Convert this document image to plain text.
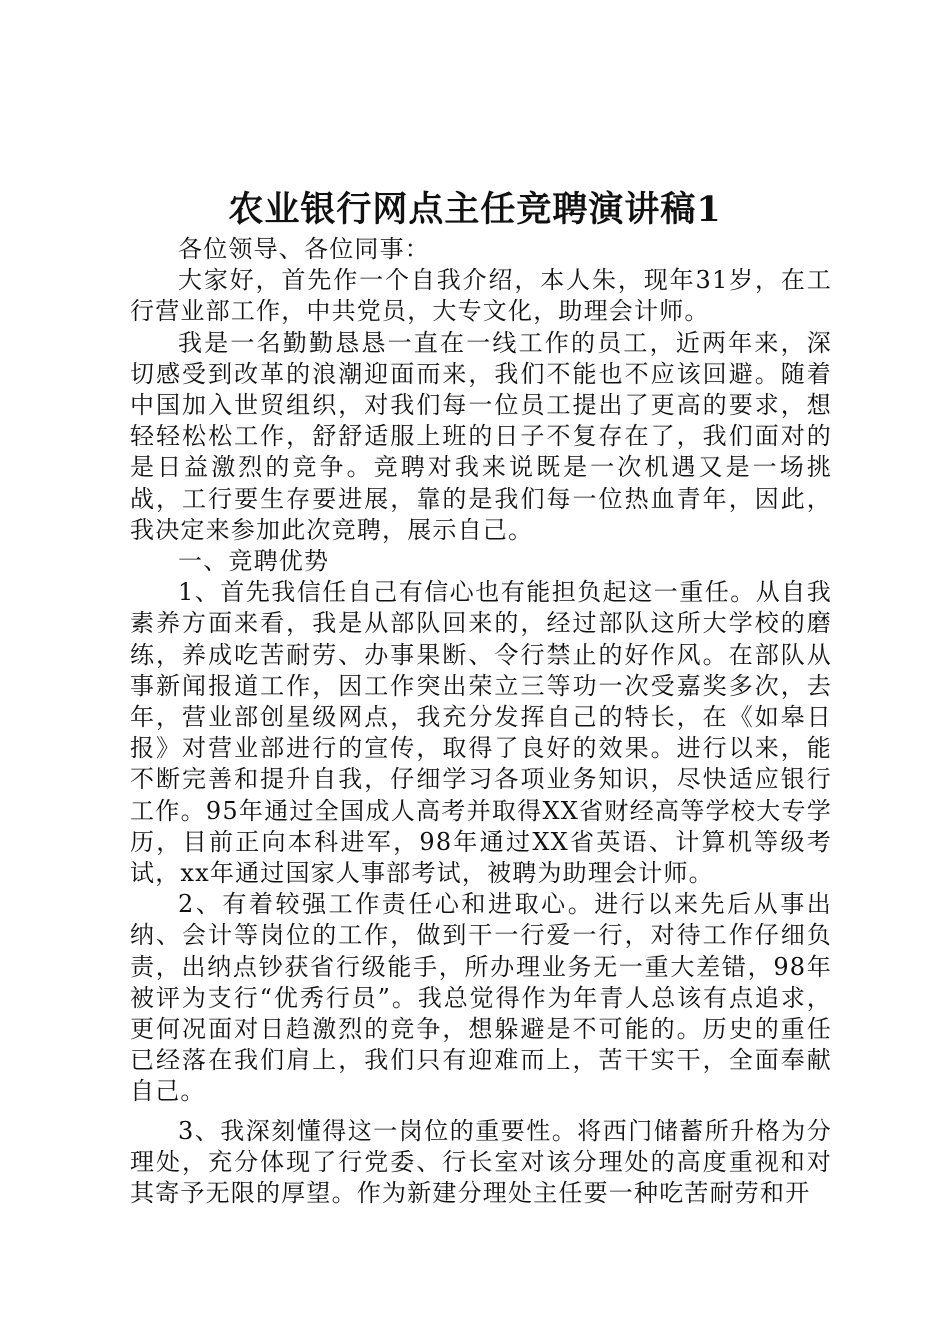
农业银行网点主任竞聘演讲稿1

各位领导、各位同事：

大家好，首先作一个自我介绍，本人朱，现年31岁，在工行营业部工作，中共党员，大专文化，助理会计师。

我是一名勤勤恳恳一直在一线工作的员工，近两年来，深切感受到改革的浪潮迎面而来，我们不能也不应该回避。随着中国加入世贸组织，对我们每一位员工提出了更高的要求，想轻轻松松工作，舒舒适服上班的日子不复存在了，我们面对的是日益激烈的竞争。竞聘对我来说既是一次机遇又是一场挑战，工行要生存要进展，靠的是我们每一位热血青年，因此，我决定来参加此次竞聘，展示自己。

一、竞聘优势

1、首先我信任自己有信心也有能担负起这一重任。从自我素养方面来看，我是从部队回来的，经过部队这所大学校的磨练，养成吃苦耐劳、办事果断、令行禁止的好作风。在部队从事新闻报道工作，因工作突出荣立三等功一次受嘉奖多次，去年，营业部创星级网点，我充分发挥自己的特长，在《如皋日报》对营业部进行的宣传，取得了良好的效果。进行以来，能不断完善和提升自我，仔细学习各项业务知识，尽快适应银行工作。95年通过全国成人高考并取得XX省财经高等学校大专学历，目前正向本科进军，98年通过XX省英语、计算机等级考试，xx年通过国家人事部考试，被聘为助理会计师。

2、有着较强工作责任心和进取心。进行以来先后从事出纳、会计等岗位的工作，做到干一行爱一行，对待工作仔细负责，出纳点钞获省行级能手，所办理业务无一重大差错，98年被评为支行“优秀行员”。我总觉得作为年青人总该有点追求，更何况面对日趋激烈的竞争，想躲避是不可能的。历史的重任已经落在我们肩上，我们只有迎难而上，苦干实干，全面奉献自己。

3、我深刻懂得这一岗位的重要性。将西门储蓄所升格为分理处，充分体现了行党委、行长室对该分理处的高度重视和对其寄予无限的厚望。作为新建分理处主任要一种吃苦耐劳和开
